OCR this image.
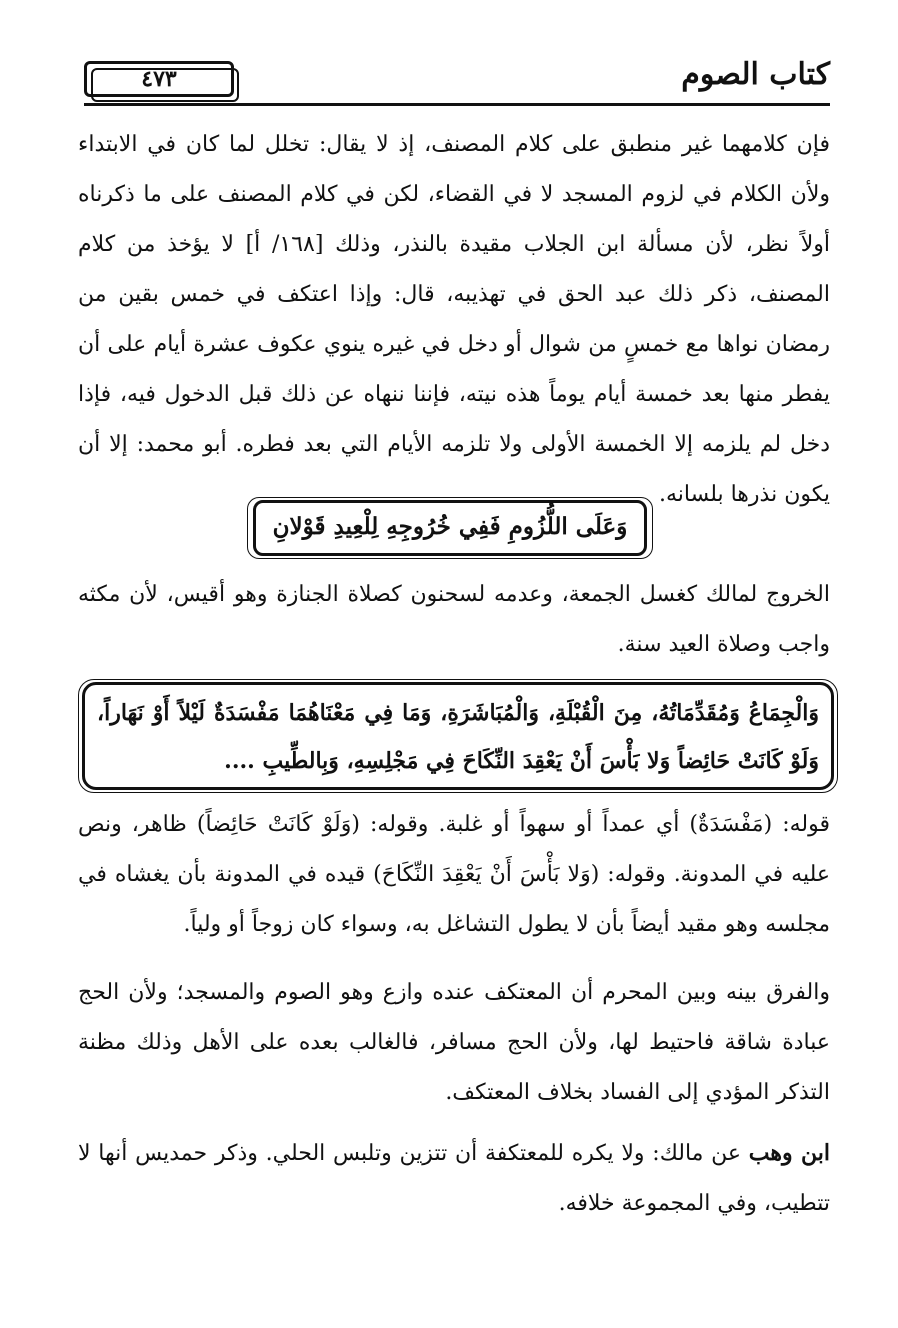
٤٧٣	كتاب الصوم

فإن كلامهما غير منطبق على كلام المصنف، إذ لا يقال: تخلل لما كان في الابتداء ولأن الكلام في لزوم المسجد لا في القضاء، لكن في كلام المصنف على ما ذكرناه أولاً نظر، لأن مسألة ابن الجلاب مقيدة بالنذر، وذلك [١٦٨/ أ] لا يؤخذ من كلام المصنف، ذكر ذلك عبد الحق في تهذيبه، قال: وإذا اعتكف في خمس بقين من رمضان نواها مع خمسٍ من شوال أو دخل في غيره ينوي عكوف عشرة أيام على أن يفطر منها بعد خمسة أيام يوماً هذه نيته، فإننا ننهاه عن ذلك قبل الدخول فيه، فإذا دخل لم يلزمه إلا الخمسة الأولى ولا تلزمه الأيام التي بعد فطره. أبو محمد: إلا أن يكون نذرها بلسانه.

وَعَلَى اللُّزُومِ فَفِي خُرُوجِهِ لِلْعِيدِ قَوْلانِ

الخروج لمالك كغسل الجمعة، وعدمه لسحنون كصلاة الجنازة وهو أقيس، لأن مكثه واجب وصلاة العيد سنة.

وَالْجِمَاعُ وَمُقَدِّمَاتُهُ، مِنَ الْقُبْلَةِ، وَالْمُبَاشَرَةِ، وَمَا فِي مَعْنَاهُمَا مَفْسَدَةٌ لَيْلاً أَوْ نَهَاراً، وَلَوْ كَانَتْ حَائِضاً وَلا بَأْسَ أَنْ يَعْقِدَ النِّكَاحَ فِي مَجْلِسِهِ، وَبِالطِّيبِ ....

قوله: (مَفْسَدَةٌ) أي عمداً أو سهواً أو غلبة. وقوله: (وَلَوْ كَانَتْ حَائِضاً) ظاهر، ونص عليه في المدونة. وقوله: (وَلا بَأْسَ أَنْ يَعْقِدَ النِّكَاحَ) قيده في المدونة بأن يغشاه في مجلسه وهو مقيد أيضاً بأن لا يطول التشاغل به، وسواء كان زوجاً أو ولياً.

والفرق بينه وبين المحرم أن المعتكف عنده وازع وهو الصوم والمسجد؛ ولأن الحج عبادة شاقة فاحتيط لها، ولأن الحج مسافر، فالغالب بعده على الأهل وذلك مظنة التذكر المؤدي إلى الفساد بخلاف المعتكف.

ابن وهب عن مالك: ولا يكره للمعتكفة أن تتزين وتلبس الحلي. وذكر حمديس أنها لا تتطيب، وفي المجموعة خلافه.
